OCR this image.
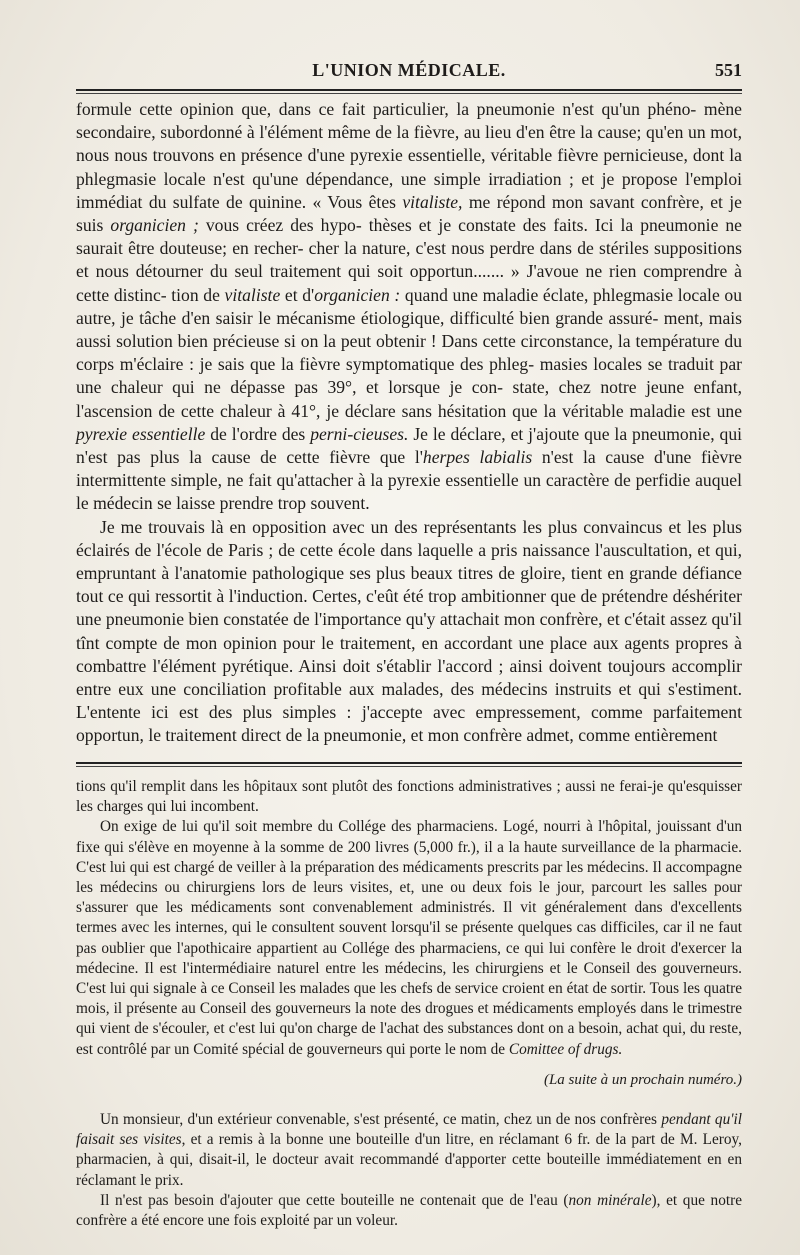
L'UNION MÉDICALE.	551

formule cette opinion que, dans ce fait particulier, la pneumonie n'est qu'un phéno- mène secondaire, subordonné à l'élément même de la fièvre, au lieu d'en être la cause; qu'en un mot, nous nous trouvons en présence d'une pyrexie essentielle, véritable fièvre pernicieuse, dont la phlegmasie locale n'est qu'une dépendance, une simple irradiation ; et je propose l'emploi immédiat du sulfate de quinine. « Vous êtes vitaliste, me répond mon savant confrère, et je suis organicien ; vous créez des hypo- thèses et je constate des faits. Ici la pneumonie ne saurait être douteuse; en recher- cher la nature, c'est nous perdre dans de stériles suppositions et nous détourner du seul traitement qui soit opportun....... » J'avoue ne rien comprendre à cette distinc- tion de vitaliste et d'organicien : quand une maladie éclate, phlegmasie locale ou autre, je tâche d'en saisir le mécanisme étiologique, difficulté bien grande assuré- ment, mais aussi solution bien précieuse si on la peut obtenir ! Dans cette circonstance, la température du corps m'éclaire : je sais que la fièvre symptomatique des phleg- masies locales se traduit par une chaleur qui ne dépasse pas 39°, et lorsque je con- state, chez notre jeune enfant, l'ascension de cette chaleur à 41°, je déclare sans hésitation que la véritable maladie est une pyrexie essentielle de l'ordre des perni-cieuses. Je le déclare, et j'ajoute que la pneumonie, qui n'est pas plus la cause de cette fièvre que l'herpes labialis n'est la cause d'une fièvre intermittente simple, ne fait qu'attacher à la pyrexie essentielle un caractère de perfidie auquel le médecin se laisse prendre trop souvent.

Je me trouvais là en opposition avec un des représentants les plus convaincus et les plus éclairés de l'école de Paris ; de cette école dans laquelle a pris naissance l'auscultation, et qui, empruntant à l'anatomie pathologique ses plus beaux titres de gloire, tient en grande défiance tout ce qui ressortit à l'induction. Certes, c'eût été trop ambitionner que de prétendre déshériter une pneumonie bien constatée de l'importance qu'y attachait mon confrère, et c'était assez qu'il tînt compte de mon opinion pour le traitement, en accordant une place aux agents propres à combattre l'élément pyrétique. Ainsi doit s'établir l'accord ; ainsi doivent toujours accomplir entre eux une conciliation profitable aux malades, des médecins instruits et qui s'estiment. L'entente ici est des plus simples : j'accepte avec empressement, comme parfaitement opportun, le traitement direct de la pneumonie, et mon confrère admet, comme entièrement

tions qu'il remplit dans les hôpitaux sont plutôt des fonctions administratives ; aussi ne ferai-je qu'esquisser les charges qui lui incombent.

On exige de lui qu'il soit membre du Collége des pharmaciens. Logé, nourri à l'hôpital, jouissant d'un fixe qui s'élève en moyenne à la somme de 200 livres (5,000 fr.), il a la haute surveillance de la pharmacie. C'est lui qui est chargé de veiller à la préparation des médicaments prescrits par les médecins. Il accompagne les médecins ou chirurgiens lors de leurs visites, et, une ou deux fois le jour, parcourt les salles pour s'assurer que les médicaments sont convenablement administrés. Il vit généralement dans d'excellents termes avec les internes, qui le consultent souvent lorsqu'il se présente quelques cas difficiles, car il ne faut pas oublier que l'apothicaire appartient au Collége des pharmaciens, ce qui lui confère le droit d'exercer la médecine. Il est l'intermédiaire naturel entre les médecins, les chirurgiens et le Conseil des gouverneurs. C'est lui qui signale à ce Conseil les malades que les chefs de service croient en état de sortir. Tous les quatre mois, il présente au Conseil des gouverneurs la note des drogues et médicaments employés dans le trimestre qui vient de s'écouler, et c'est lui qu'on charge de l'achat des substances dont on a besoin, achat qui, du reste, est contrôlé par un Comité spécial de gouverneurs qui porte le nom de Comittee of drugs.

(La suite à un prochain numéro.)

Un monsieur, d'un extérieur convenable, s'est présenté, ce matin, chez un de nos confrères pendant qu'il faisait ses visites, et a remis à la bonne une bouteille d'un litre, en réclamant 6 fr. de la part de M. Leroy, pharmacien, à qui, disait-il, le docteur avait recommandé d'apporter cette bouteille immédiatement en en réclamant le prix.

Il n'est pas besoin d'ajouter que cette bouteille ne contenait que de l'eau (non minérale), et que notre confrère a été encore une fois exploité par un voleur.
